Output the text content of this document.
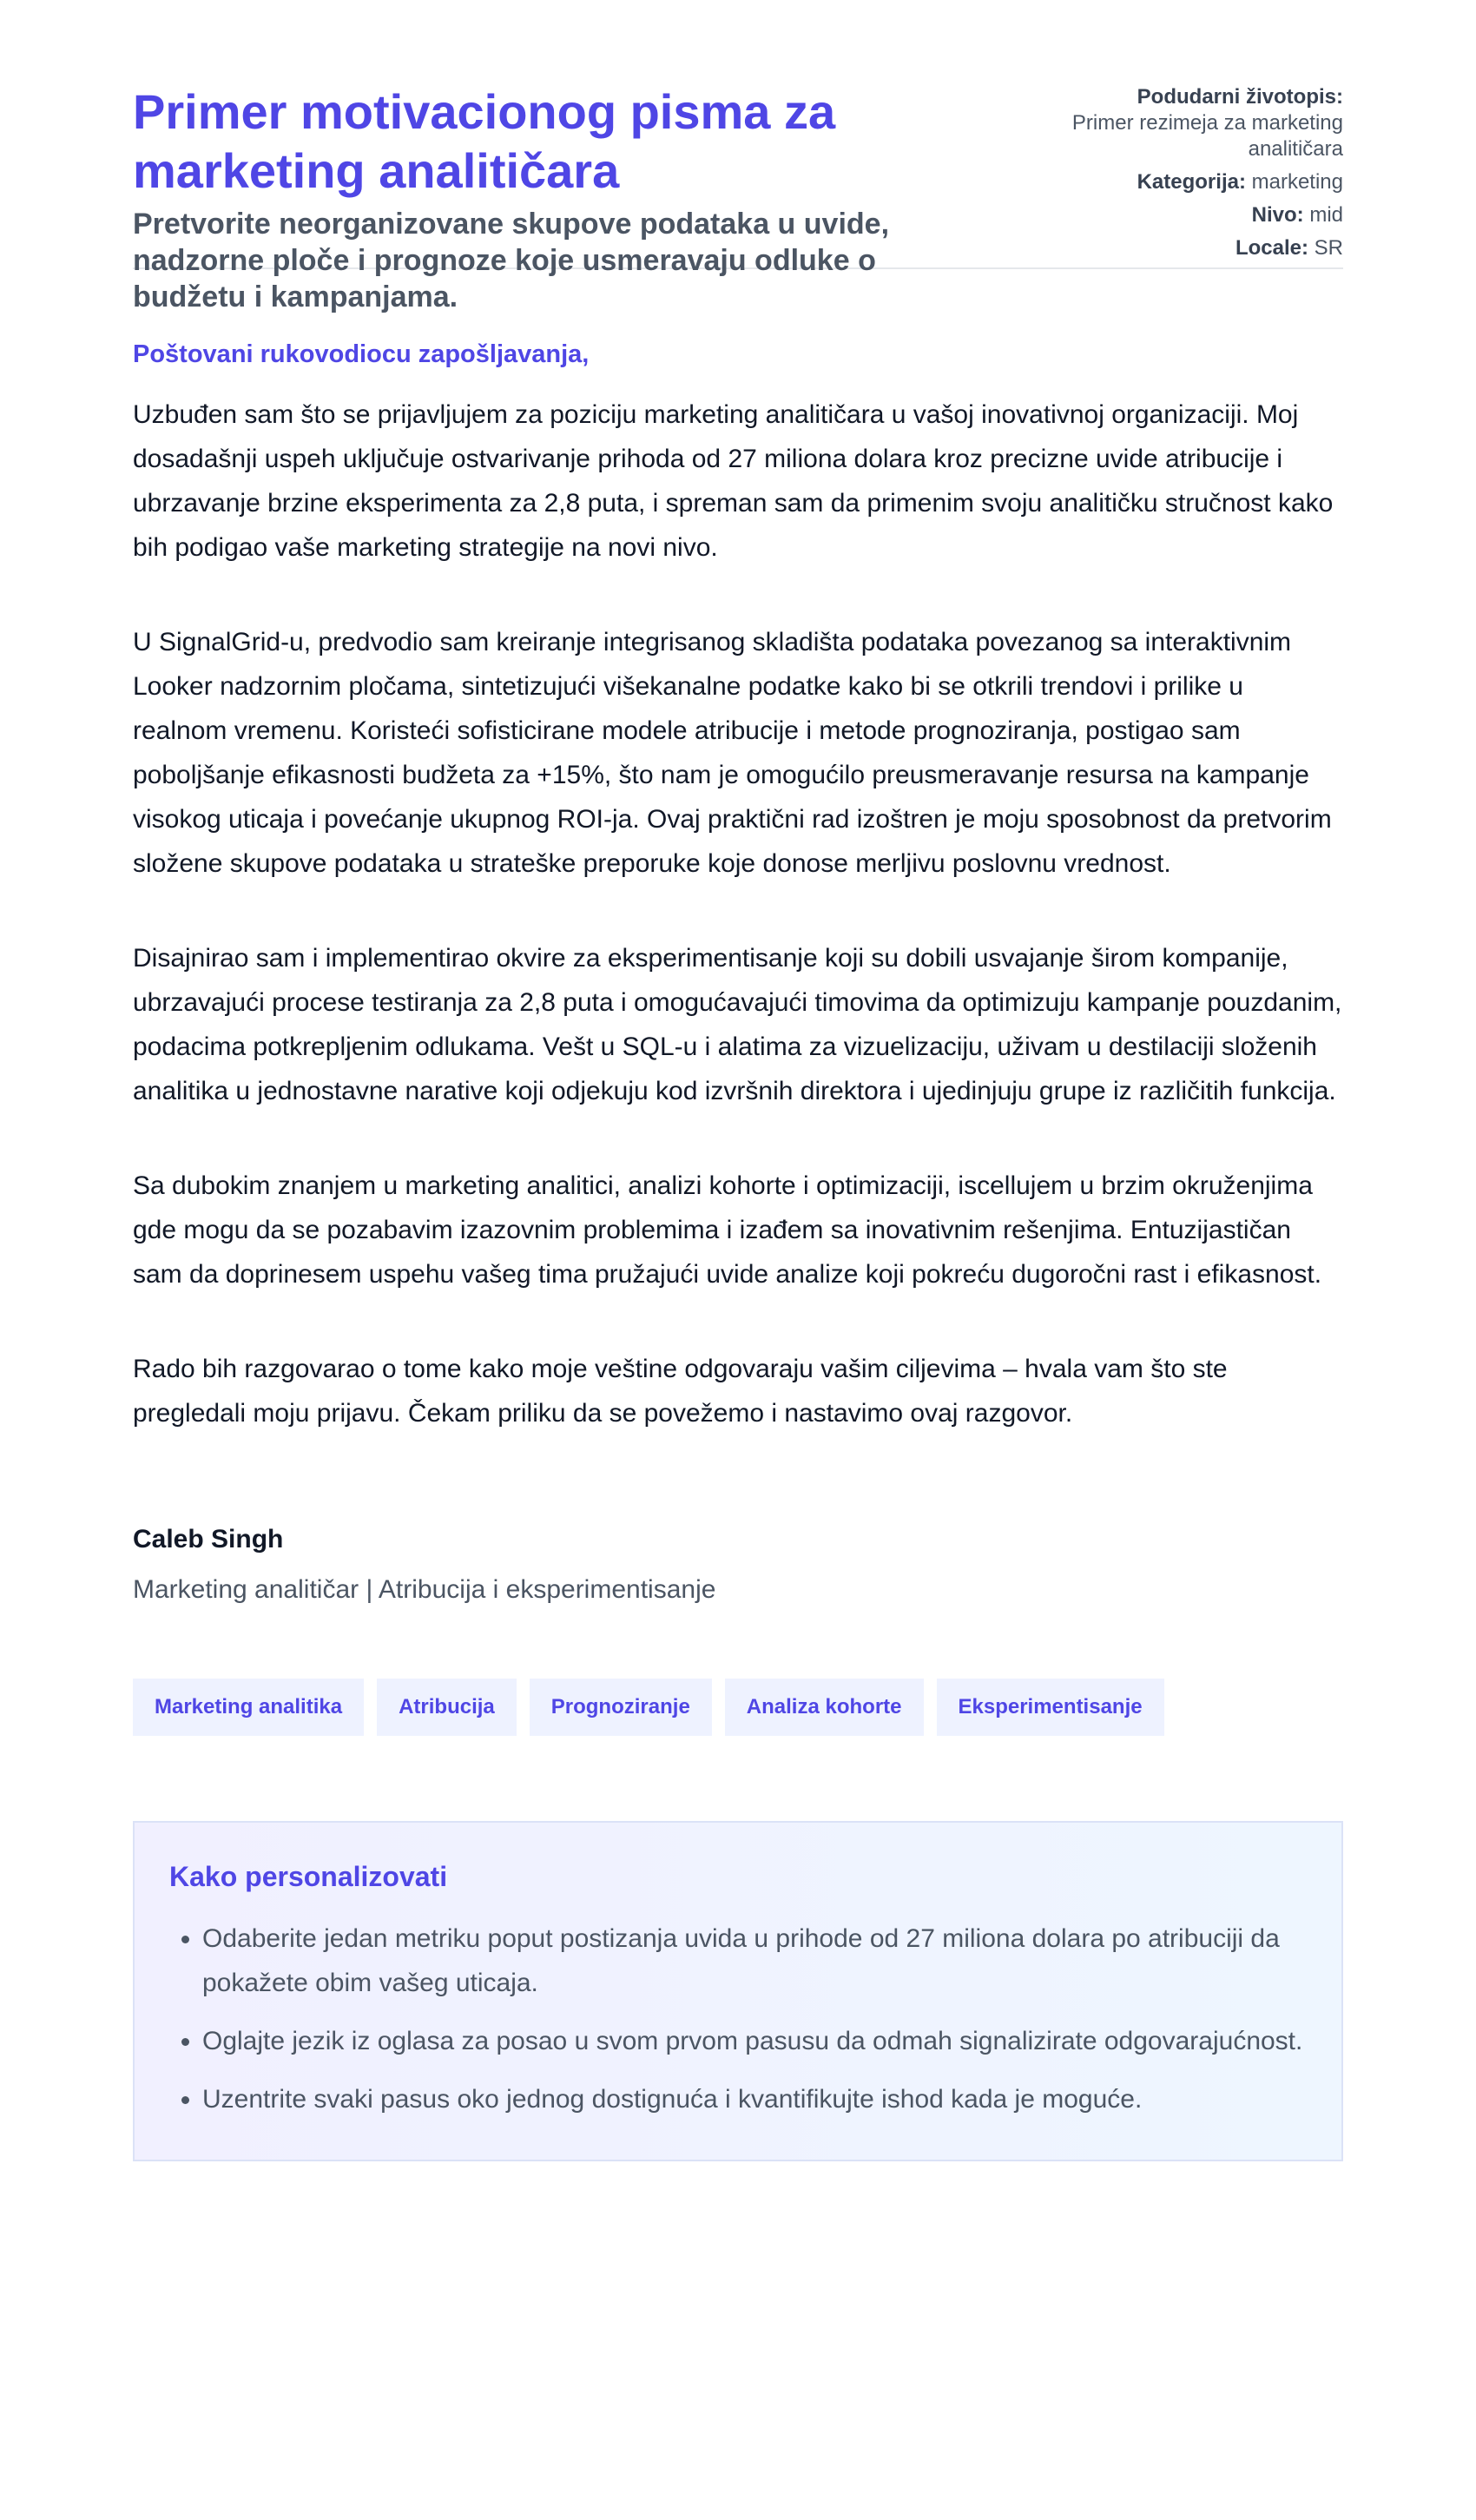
Primer motivacionog pisma za marketing analitičara

Pretvorite neorganizovane skupove podataka u uvide, nadzorne ploče i prognoze koje usmeravaju odluke o budžetu i kampanjama.

Podudarni životopis:
Primer rezimeja za marketing analitičara
Kategorija: marketing
Nivo: mid
Locale: SR
Poštovani rukovodiocu zapošljavanja,

Uzbuđen sam što se prijavljujem za poziciju marketing analitičara u vašoj inovativnoj organizaciji. Moj dosadašnji uspeh uključuje ostvarivanje prihoda od 27 miliona dolara kroz precizne uvide atribucije i ubrzavanje brzine eksperimenta za 2,8 puta, i spreman sam da primenim svoju analitičku stručnost kako bih podigao vaše marketing strategije na novi nivo.

U SignalGrid-u, predvodio sam kreiranje integrisanog skladišta podataka povezanog sa interaktivnim Looker nadzornim pločama, sintetizujući višekanalne podatke kako bi se otkrili trendovi i prilike u realnom vremenu. Koristeći sofisticirane modele atribucije i metode prognoziranja, postigao sam poboljšanje efikasnosti budžeta za +15%, što nam je omogućilo preusmeravanje resursa na kampanje visokog uticaja i povećanje ukupnog ROI-ja. Ovaj praktični rad izoštren je moju sposobnost da pretvorim složene skupove podataka u strateške preporuke koje donose merljivu poslovnu vrednost.

Disajnirao sam i implementirao okvire za eksperimentisanje koji su dobili usvajanje širom kompanije, ubrzavajući procese testiranja za 2,8 puta i omogućavajući timovima da optimizuju kampanje pouzdanim, podacima potkrepljenim odlukama. Vešt u SQL-u i alatima za vizuelizaciju, uživam u destilaciji složenih analitika u jednostavne narative koji odjekuju kod izvršnih direktora i ujedinjuju grupe iz različitih funkcija.

Sa dubokim znanjem u marketing analitici, analizi kohorte i optimizaciji, iscellujem u brzim okruženjima gde mogu da se pozabavim izazovnim problemima i izađem sa inovativnim rešenjima. Entuzijastičan sam da doprinesem uspehu vašeg tima pružajući uvide analize koji pokreću dugoročni rast i efikasnost.

Rado bih razgovarao o tome kako moje veštine odgovaraju vašim ciljevima – hvala vam što ste pregledali moju prijavu. Čekam priliku da se povežemo i nastavimo ovaj razgovor.

Caleb Singh
Marketing analitičar | Atribucija i eksperimentisanje
Marketing analitika	Atribucija	Prognoziranje	Analiza kohorte	Eksperimentisanje
Kako personalizovati
• Odaberite jedan metriku poput postizanja uvida u prihode od 27 miliona dolara po atribuciji da pokažete obim vašeg uticaja.
• Oglajte jezik iz oglasa za posao u svom prvom pasusu da odmah signalizirate odgovarajućnost.
• Uzentrite svaki pasus oko jednog dostignuća i kvantifikujte ishod kada je moguće.
